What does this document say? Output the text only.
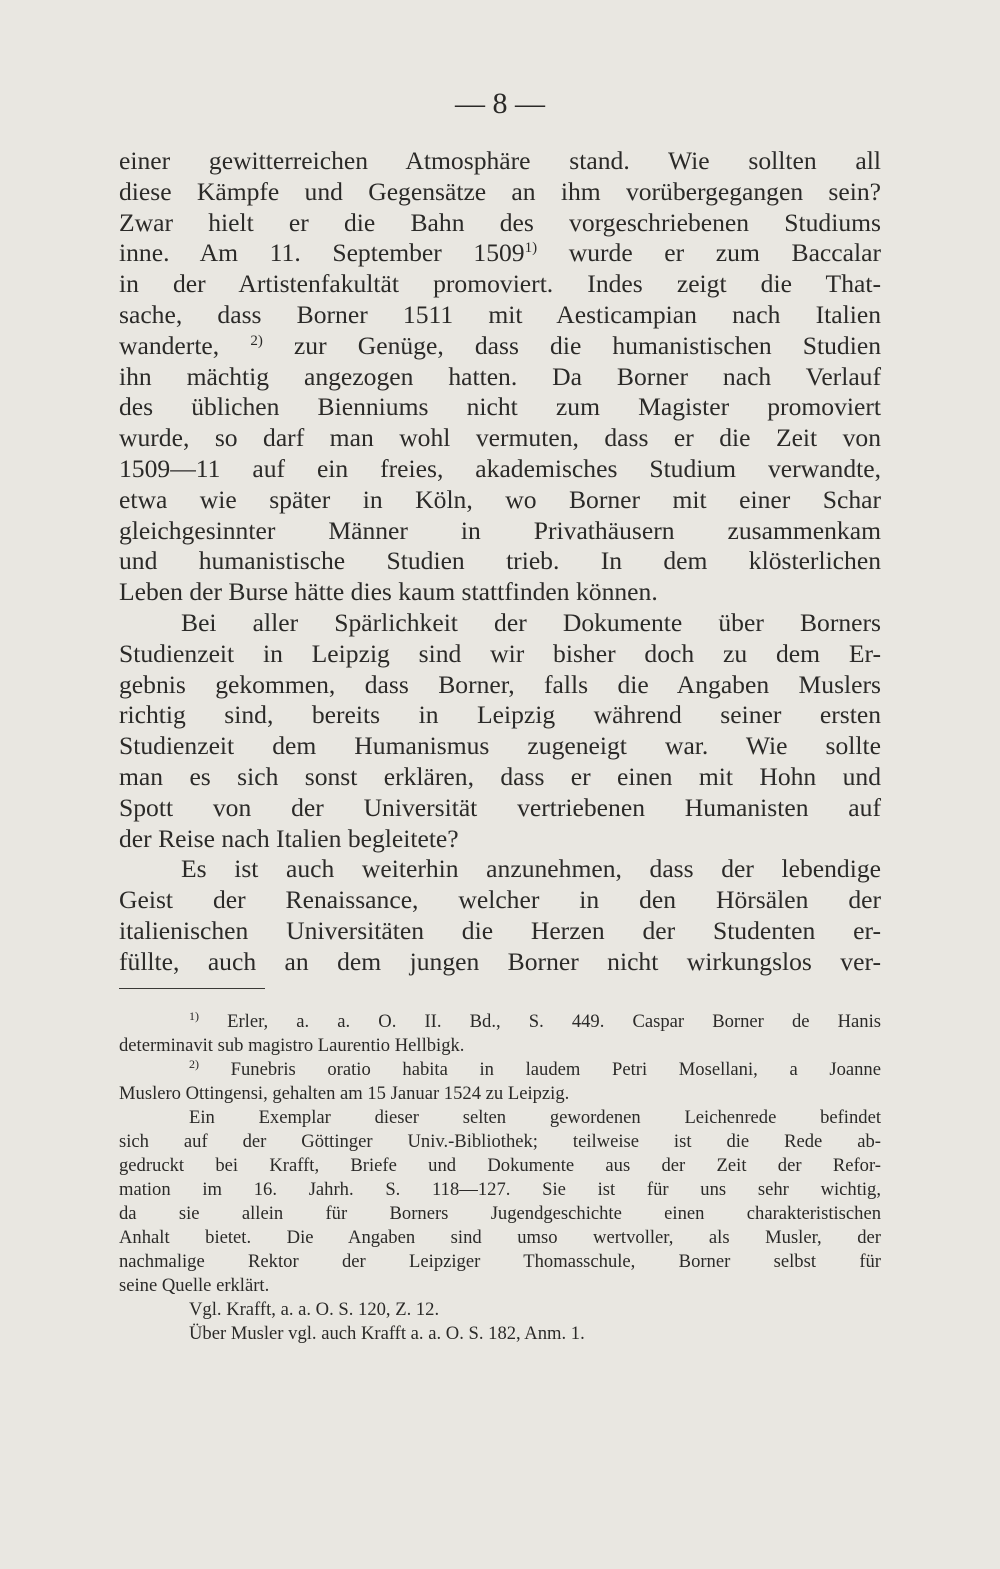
— 8 —
einer gewitterreichen Atmosphäre stand. Wie sollten all
diese Kämpfe und Gegensätze an ihm vorübergegangen sein?
Zwar hielt er die Bahn des vorgeschriebenen Studiums
inne. Am 11. September 1509$^{1)}$ wurde er zum Baccalar
in der Artistenfakultät promoviert. Indes zeigt die That-
sache, dass Borner 1511 mit Aesticampian nach Italien
wanderte, $^{2)}$ zur Genüge, dass die humanistischen Studien
ihn mächtig angezogen hatten. Da Borner nach Verlauf
des üblichen Bienniums nicht zum Magister promoviert
wurde, so darf man wohl vermuten, dass er die Zeit von
1509—11 auf ein freies, akademisches Studium verwandte,
etwa wie später in Köln, wo Borner mit einer Schar
gleichgesinnter Männer in Privathäusern zusammenkam
und humanistische Studien trieb. In dem klösterlichen
Leben der Burse hätte dies kaum stattfinden können.
Bei aller Spärlichkeit der Dokumente über Borners
Studienzeit in Leipzig sind wir bisher doch zu dem Er-
gebnis gekommen, dass Borner, falls die Angaben Muslers
richtig sind, bereits in Leipzig während seiner ersten
Studienzeit dem Humanismus zugeneigt war. Wie sollte
man es sich sonst erklären, dass er einen mit Hohn und
Spott von der Universität vertriebenen Humanisten auf
der Reise nach Italien begleitete?
Es ist auch weiterhin anzunehmen, dass der lebendige
Geist der Renaissance, welcher in den Hörsälen der
italienischen Universitäten die Herzen der Studenten er-
füllte, auch an dem jungen Borner nicht wirkungslos ver-
$^{1)}$ Erler, a. a. O. II. Bd., S. 449. Caspar Borner de Hanis
determinavit sub magistro Laurentio Hellbigk.
$^{2)}$ Funebris oratio habita in laudem Petri Mosellani, a Joanne
Muslero Ottingensi, gehalten am 15 Januar 1524 zu Leipzig.
Ein Exemplar dieser selten gewordenen Leichenrede befindet
sich auf der Göttinger Univ.-Bibliothek; teilweise ist die Rede ab-
gedruckt bei Krafft, Briefe und Dokumente aus der Zeit der Refor-
mation im 16. Jahrh. S. 118—127. Sie ist für uns sehr wichtig,
da sie allein für Borners Jugendgeschichte einen charakteristischen
Anhalt bietet. Die Angaben sind umso wertvoller, als Musler, der
nachmalige Rektor der Leipziger Thomasschule, Borner selbst für
seine Quelle erklärt.
Vgl. Krafft, a. a. O. S. 120, Z. 12.
Über Musler vgl. auch Krafft a. a. O. S. 182, Anm. 1.
